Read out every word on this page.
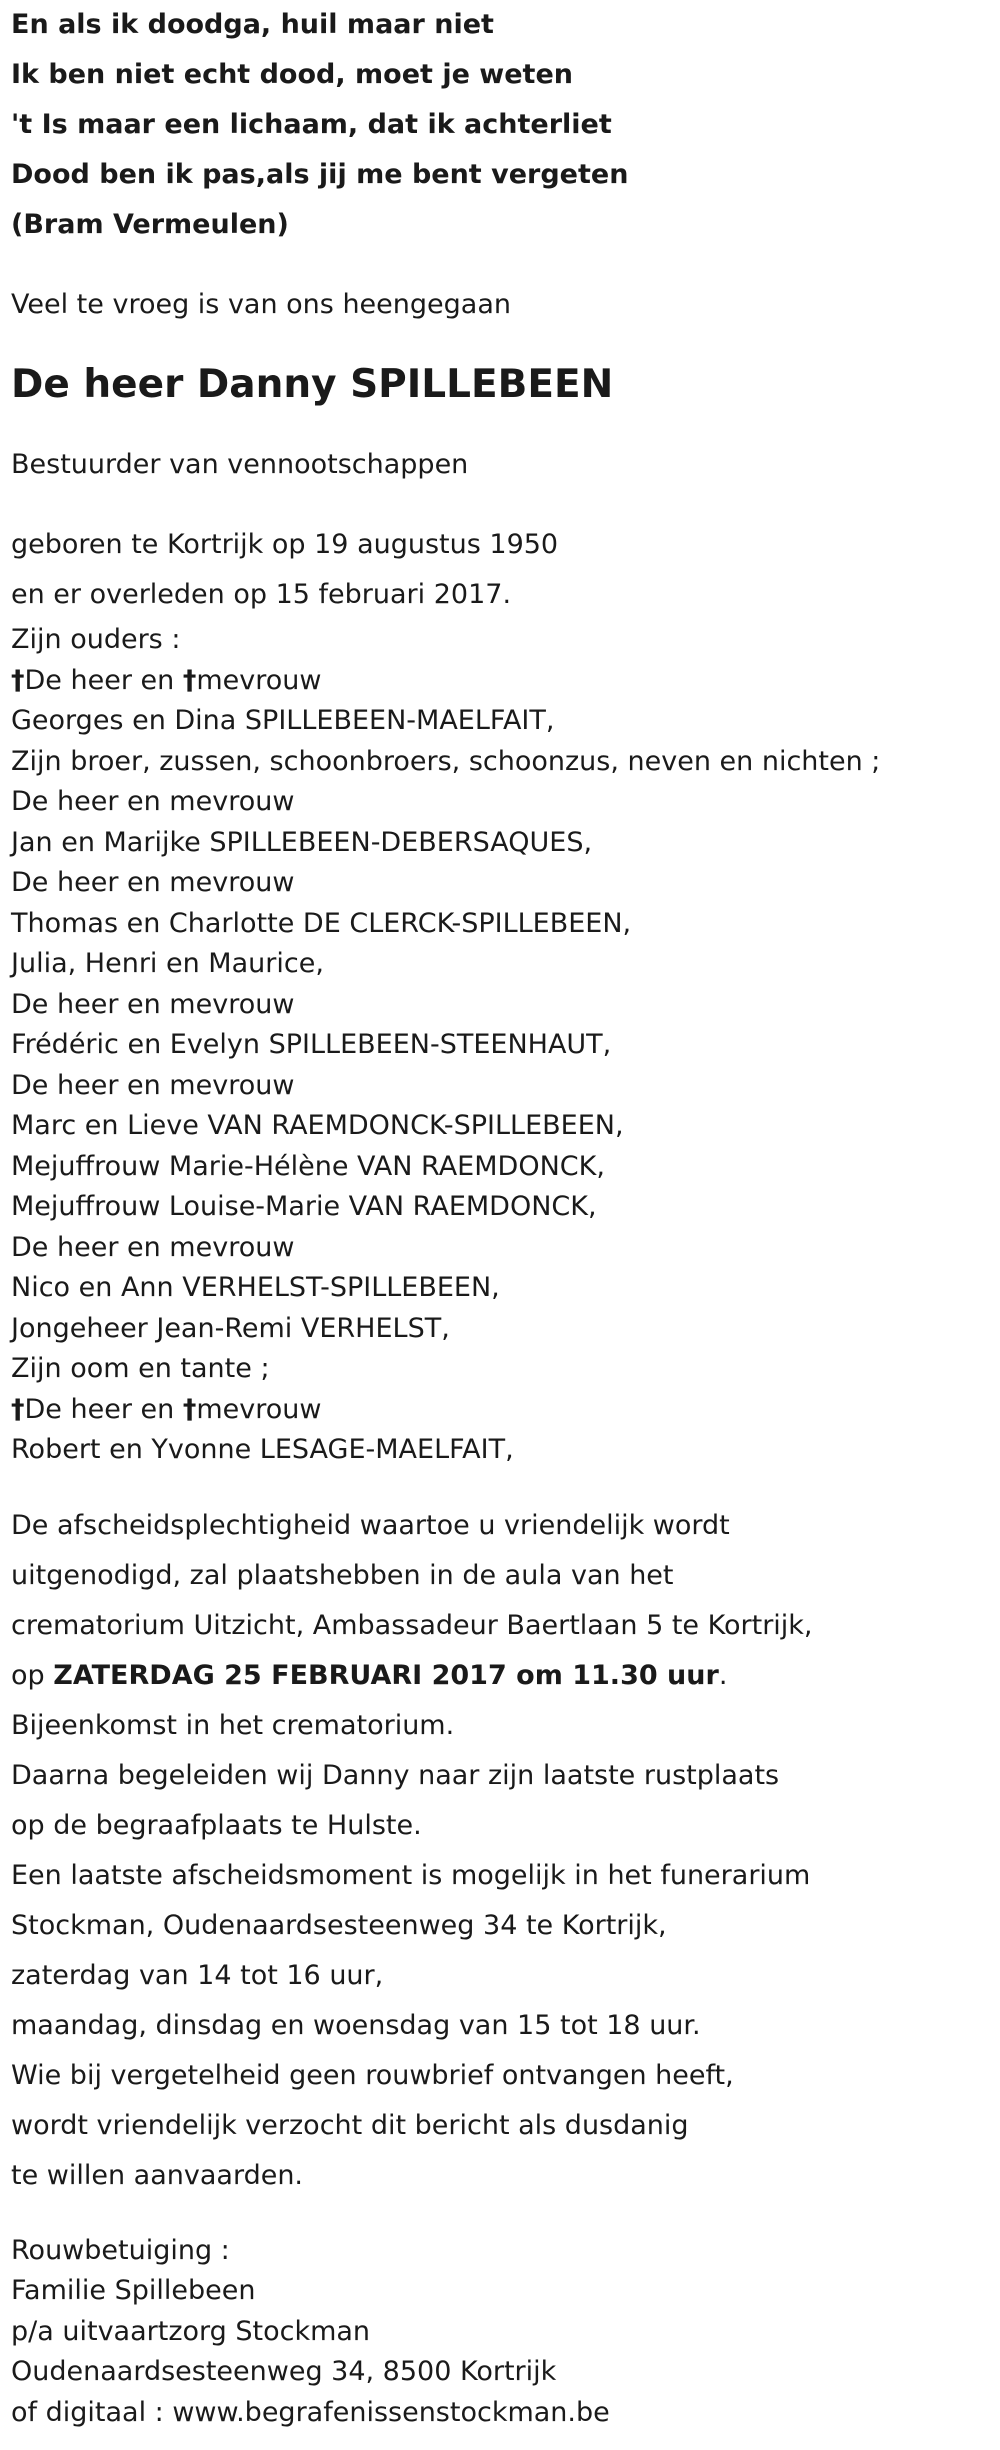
En als ik doodga, huil maar niet
Ik ben niet echt dood, moet je weten
't Is maar een lichaam, dat ik achterliet
Dood ben ik pas,als jij me bent vergeten
(Bram Vermeulen)
Veel te vroeg is van ons heengegaan
De heer Danny SPILLEBEEN
Bestuurder van vennootschappen
geboren te Kortrijk op 19 augustus 1950
en er overleden op 15 februari 2017.
Zijn ouders :
†De heer en †mevrouw
Georges en Dina SPILLEBEEN-MAELFAIT,
Zijn broer, zussen, schoonbroers, schoonzus, neven en nichten ;
De heer en mevrouw
Jan en Marijke SPILLEBEEN-DEBERSAQUES,
De heer en mevrouw
Thomas en Charlotte DE CLERCK-SPILLEBEEN,
Julia, Henri en Maurice,
De heer en mevrouw
Frédéric en Evelyn SPILLEBEEN-STEENHAUT,
De heer en mevrouw
Marc en Lieve VAN RAEMDONCK-SPILLEBEEN,
Mejuffrouw Marie-Hélène VAN RAEMDONCK,
Mejuffrouw Louise-Marie VAN RAEMDONCK,
De heer en mevrouw
Nico en Ann VERHELST-SPILLEBEEN,
Jongeheer Jean-Remi VERHELST,
Zijn oom en tante ;
†De heer en †mevrouw
Robert en Yvonne LESAGE-MAELFAIT,
De afscheidsplechtigheid waartoe u vriendelijk wordt
uitgenodigd, zal plaatshebben in de aula van het
crematorium Uitzicht, Ambassadeur Baertlaan 5 te Kortrijk,
op ZATERDAG 25 FEBRUARI 2017 om 11.30 uur.
Bijeenkomst in het crematorium.
Daarna begeleiden wij Danny naar zijn laatste rustplaats
op de begraafplaats te Hulste.
Een laatste afscheidsmoment is mogelijk in het funerarium
Stockman, Oudenaardsesteenweg 34 te Kortrijk,
zaterdag van 14 tot 16 uur,
maandag, dinsdag en woensdag van 15 tot 18 uur.
Wie bij vergetelheid geen rouwbrief ontvangen heeft,
wordt vriendelijk verzocht dit bericht als dusdanig
te willen aanvaarden.
Rouwbetuiging :
Familie Spillebeen
p/a uitvaartzorg Stockman
Oudenaardsesteenweg 34, 8500 Kortrijk
of digitaal : www.begrafenissenstockman.be
